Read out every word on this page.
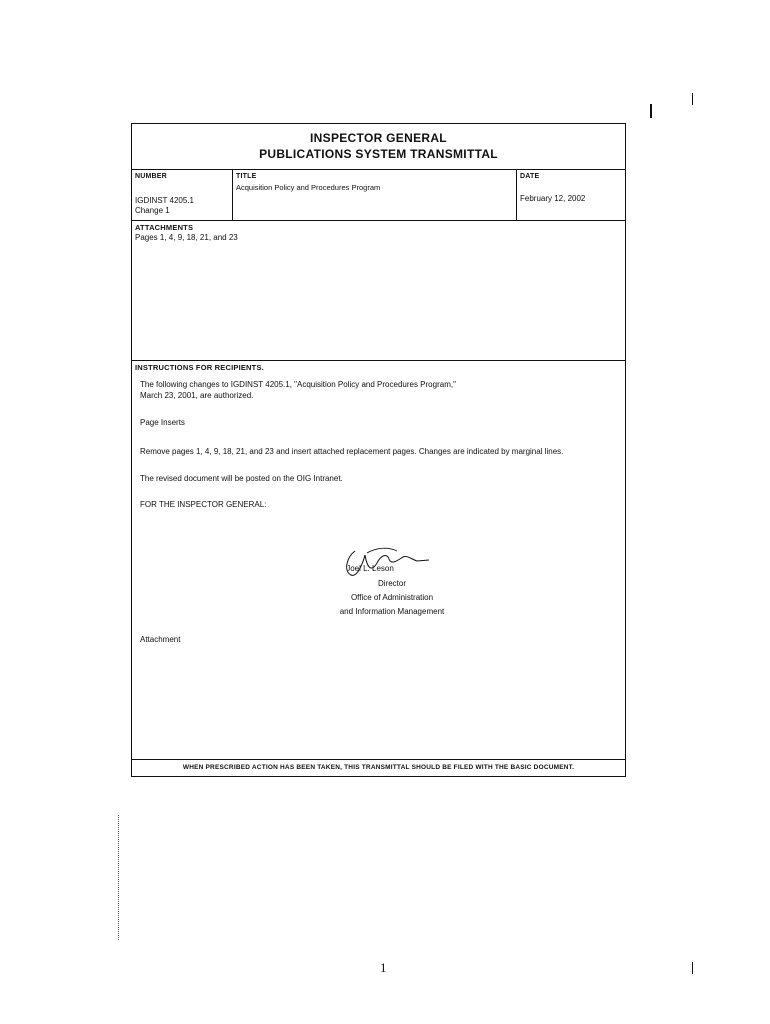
INSPECTOR GENERAL
PUBLICATIONS SYSTEM TRANSMITTAL
NUMBER
IGDINST 4205.1
Change 1
TITLE
Acquisition Policy and Procedures Program
DATE
February 12, 2002
ATTACHMENTS
Pages 1, 4, 9, 18, 21, and 23
INSTRUCTIONS FOR RECIPIENTS.
The following changes to IGDINST 4205.1, "Acquisition Policy and Procedures Program,"
March 23, 2001, are authorized.
Page Inserts
Remove pages 1, 4, 9, 18, 21, and 23 and insert attached replacement pages. Changes are indicated by marginal lines.
The revised document will be posted on the OIG Intranet.
FOR THE INSPECTOR GENERAL:
Joel L. Leson
Director
Office of Administration
and Information Management
Attachment
WHEN PRESCRIBED ACTION HAS BEEN TAKEN, THIS TRANSMITTAL SHOULD BE FILED WITH THE BASIC DOCUMENT.
1
